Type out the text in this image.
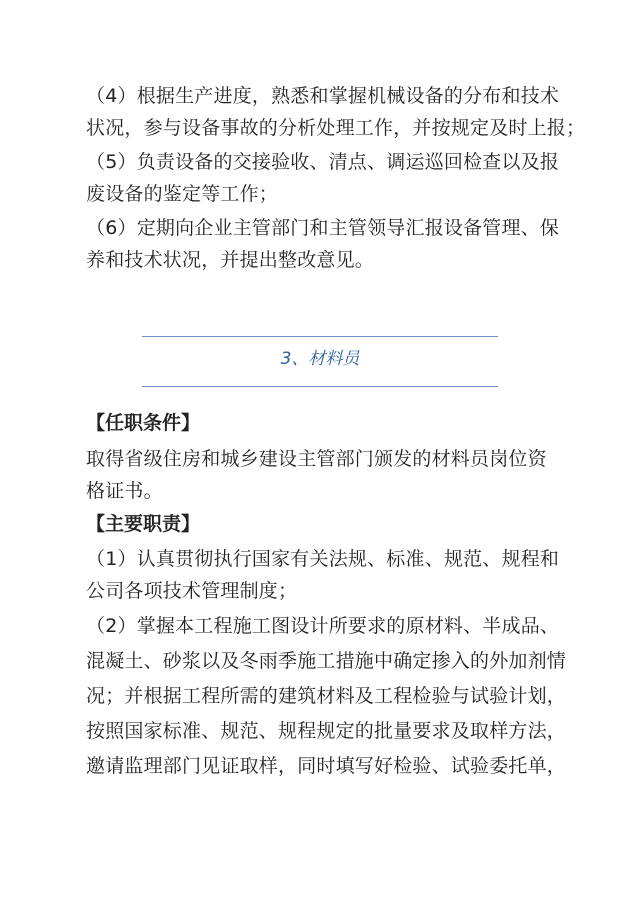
（4）根据生产进度，熟悉和掌握机械设备的分布和技术
状况，参与设备事故的分析处理工作，并按规定及时上报；
（5）负责设备的交接验收、清点、调运巡回检查以及报
废设备的鉴定等工作；
（6）定期向企业主管部门和主管领导汇报设备管理、保
养和技术状况，并提出整改意见。
3、材料员
【任职条件】
取得省级住房和城乡建设主管部门颁发的材料员岗位资
格证书。
【主要职责】
（1）认真贯彻执行国家有关法规、标准、规范、规程和
公司各项技术管理制度；
（2）掌握本工程施工图设计所要求的原材料、半成品、
混凝土、砂浆以及冬雨季施工措施中确定掺入的外加剂情
况；并根据工程所需的建筑材料及工程检验与试验计划，
按照国家标准、规范、规程规定的批量要求及取样方法，
邀请监理部门见证取样，同时填写好检验、试验委托单，
